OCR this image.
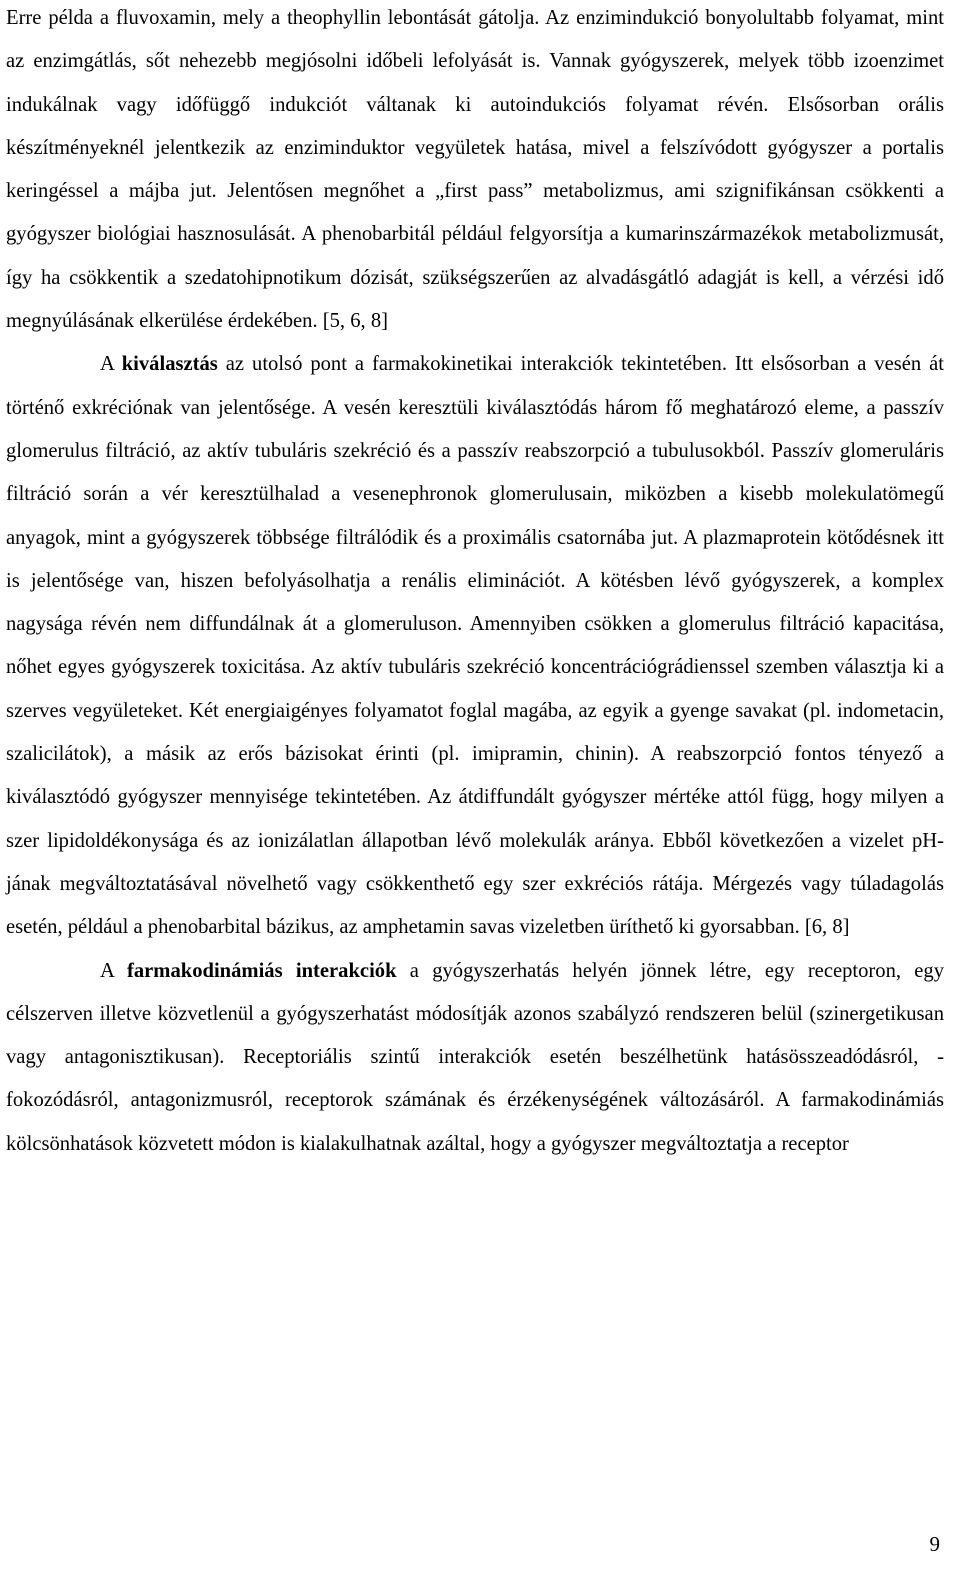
Erre példa a fluvoxamin, mely a theophyllin lebontását gátolja. Az enzimindukció bonyolultabb folyamat, mint az enzimgátlás, sőt nehezebb megjósolni időbeli lefolyását is. Vannak gyógyszerek, melyek több izoenzimet indukálnak vagy időfüggő indukciót váltanak ki autoindukciós folyamat révén. Elsősorban orális készítményeknél jelentkezik az enziminduktor vegyületek hatása, mivel a felszívódott gyógyszer a portalis keringéssel a májba jut. Jelentősen megnőhet a „first pass” metabolizmus, ami szignifikánsan csökkenti a gyógyszer biológiai hasznosulását. A phenobarbitál például felgyorsítja a kumarinszármazékok metabolizmusát, így ha csökkentik a szedatohipnotikum dózisát, szükségszerűen az alvadásgátló adagját is kell, a vérzési idő megnyúlásának elkerülése érdekében. [5, 6, 8]

A kiválasztás az utolsó pont a farmakokinetikai interakciók tekintetében. Itt elsősorban a vesén át történő exkréciónak van jelentősége. A vesén keresztüli kiválasztódás három fő meghatározó eleme, a passzív glomerulus filtráció, az aktív tubuláris szekréció és a passzív reabszorpció a tubulusokból. Passzív glomeruláris filtráció során a vér keresztülhalad a vesenephronok glomerulusain, miközben a kisebb molekulatömegű anyagok, mint a gyógyszerek többsége filtrálódik és a proximális csatornába jut. A plazmaprotein kötődésnek itt is jelentősége van, hiszen befolyásolhatja a renális eliminációt. A kötésben lévő gyógyszerek, a komplex nagysága révén nem diffundálnak át a glomeruluson. Amennyiben csökken a glomerulus filtráció kapacitása, nőhet egyes gyógyszerek toxicitása. Az aktív tubuláris szekréció koncentrációgrádienssel szemben választja ki a szerves vegyületeket. Két energiaigényes folyamatot foglal magába, az egyik a gyenge savakat (pl. indometacin, szalicilátok), a másik az erős bázisokat érinti (pl. imipramin, chinin). A reabszorpció fontos tényező a kiválasztódó gyógyszer mennyisége tekintetében. Az átdiffundált gyógyszer mértéke attól függ, hogy milyen a szer lipidoldékonysága és az ionizálatlan állapotban lévő molekulák aránya. Ebből következően a vizelet pH-jának megváltoztatásával növelhető vagy csökkenthető egy szer exkréciós rátája. Mérgezés vagy túladagolás esetén, például a phenobarbital bázikus, az amphetamin savas vizeletben üríthető ki gyorsabban. [6, 8]

A farmakodinámiás interakciók a gyógyszerhatás helyén jönnek létre, egy receptoron, egy célszerven illetve közvetlenül a gyógyszerhatást módosítják azonos szabályzó rendszeren belül (szinergetikusan vagy antagonisztikusan). Receptoriális szintű interakciók esetén beszélhetünk hatásösszeadódásról, -fokozódásról, antagonizmusról, receptorok számának és érzékenységének változásáról. A farmakodinámiás kölcsönhatások közvetett módon is kialakulhatnak azáltal, hogy a gyógyszer megváltoztatja a receptor

9
